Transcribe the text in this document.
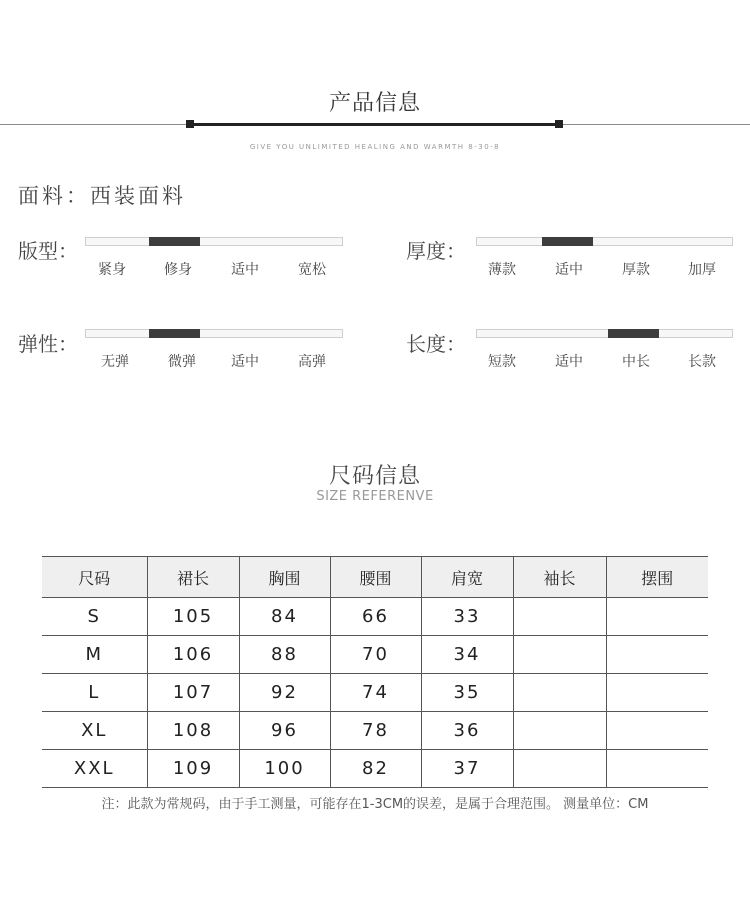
产品信息
GIVE YOU UNLIMITED HEALING AND WARMTH 8-30-8
面料：西装面料
版型：
紧身	修身	适中	宽松
厚度：
薄款	适中	厚款	加厚
弹性：
无弹	微弹	适中	高弹
长度：
短款	适中	中长	长款
尺码信息
SIZE REFERENVE
尺码	裙长	胸围	腰围	肩宽	袖长	摆围
S	105	84	66	33		
M	106	88	70	34		
L	107	92	74	35		
XL	108	96	78	36		
XXL	109	100	82	37		
注：此款为常规码，由于手工测量，可能存在1-3CM的误差，是属于合理范围。 测量单位：CM
